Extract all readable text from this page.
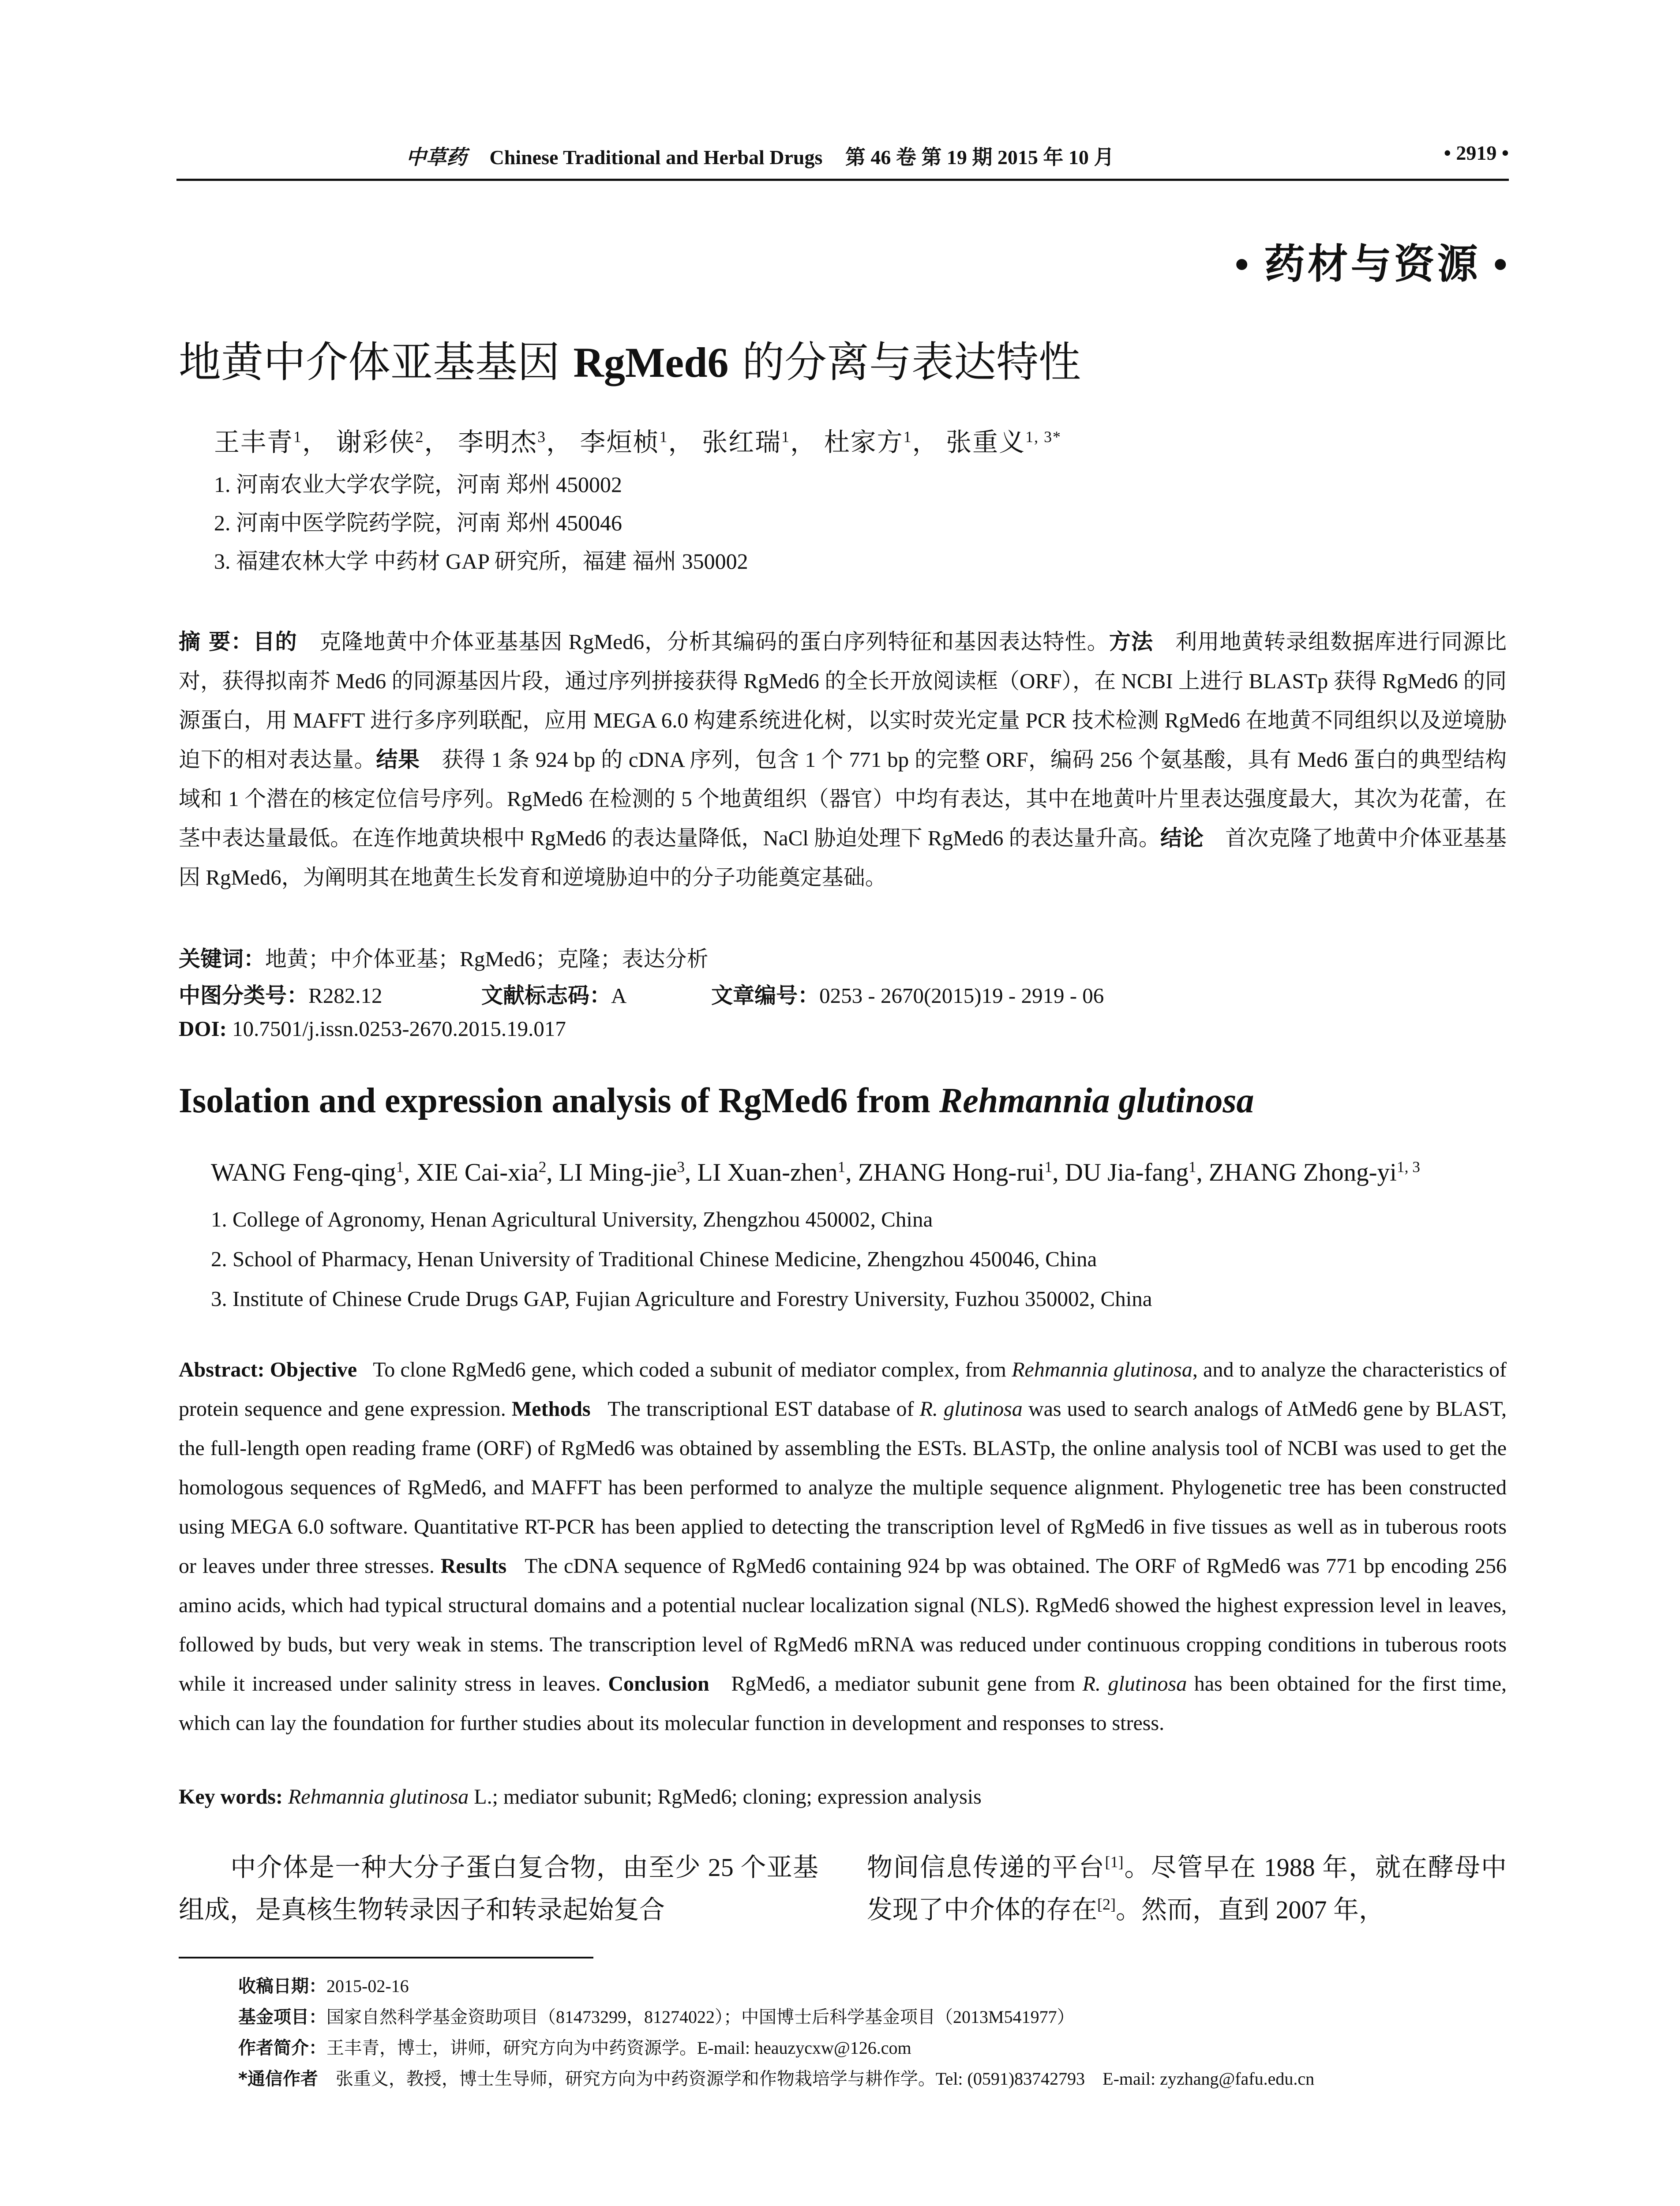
中草药 Chinese Traditional and Herbal Drugs 第 46 卷 第 19 期 2015 年 10 月	• 2919 •
• 药材与资源 •
地黄中介体亚基基因 RgMed6 的分离与表达特性
王丰青$^1$， 谢彩侠$^2$， 李明杰$^3$， 李烜桢$^1$， 张红瑞$^1$， 杜家方$^1$， 张重义$^{1, 3*}$
1. 河南农业大学农学院，河南 郑州 450002
2. 河南中医学院药学院，河南 郑州 450046
3. 福建农林大学 中药材 GAP 研究所，福建 福州 350002
摘 要：目的　 克隆地黄中介体亚基基因 RgMed6，分析其编码的蛋白序列特征和基因表达特性。方法　 利用地黄转录组数据库进行同源比对，获得拟南芥 Med6 的同源基因片段，通过序列拼接获得 RgMed6 的全长开放阅读框（ORF），在 NCBI 上进行 BLASTp 获得 RgMed6 的同源蛋白，用 MAFFT 进行多序列联配，应用 MEGA 6.0 构建系统进化树，以实时荧光定量 PCR 技术检测 RgMed6 在地黄不同组织以及逆境胁迫下的相对表达量。结果　 获得 1 条 924 bp 的 cDNA 序列，包含 1 个 771 bp 的完整 ORF，编码 256 个氨基酸，具有 Med6 蛋白的典型结构域和 1 个潜在的核定位信号序列。RgMed6 在检测的 5 个地黄组织（器官）中均有表达，其中在地黄叶片里表达强度最大，其次为花蕾，在茎中表达量最低。在连作地黄块根中 RgMed6 的表达量降低，NaCl 胁迫处理下 RgMed6 的表达量升高。结论　 首次克隆了地黄中介体亚基基因 RgMed6，为阐明其在地黄生长发育和逆境胁迫中的分子功能奠定基础。
关键词：地黄；中介体亚基；RgMed6；克隆；表达分析
中图分类号：R282.12	文献标志码：A	文章编号：0253 - 2670(2015)19 - 2919 - 06
DOI: 10.7501/j.issn.0253-2670.2015.19.017
Isolation and expression analysis of RgMed6 from Rehmannia glutinosa
WANG Feng-qing$^1$, XIE Cai-xia$^2$, LI Ming-jie$^3$, LI Xuan-zhen$^1$, ZHANG Hong-rui$^1$, DU Jia-fang$^1$, ZHANG Zhong-yi$^{1, 3}$
1. College of Agronomy, Henan Agricultural University, Zhengzhou 450002, China
2. School of Pharmacy, Henan University of Traditional Chinese Medicine, Zhengzhou 450046, China
3. Institute of Chinese Crude Drugs GAP, Fujian Agriculture and Forestry University, Fuzhou 350002, China
Abstract: Objective To clone RgMed6 gene, which coded a subunit of mediator complex, from Rehmannia glutinosa, and to analyze the characteristics of protein sequence and gene expression. Methods The transcriptional EST database of R. glutinosa was used to search analogs of AtMed6 gene by BLAST, the full-length open reading frame (ORF) of RgMed6 was obtained by assembling the ESTs. BLASTp, the online analysis tool of NCBI was used to get the homologous sequences of RgMed6, and MAFFT has been performed to analyze the multiple sequence alignment. Phylogenetic tree has been constructed using MEGA 6.0 software. Quantitative RT-PCR has been applied to detecting the transcription level of RgMed6 in five tissues as well as in tuberous roots or leaves under three stresses. Results The cDNA sequence of RgMed6 containing 924 bp was obtained. The ORF of RgMed6 was 771 bp encoding 256 amino acids, which had typical structural domains and a potential nuclear localization signal (NLS). RgMed6 showed the highest expression level in leaves, followed by buds, but very weak in stems. The transcription level of RgMed6 mRNA was reduced under continuous cropping conditions in tuberous roots while it increased under salinity stress in leaves. Conclusion RgMed6, a mediator subunit gene from R. glutinosa has been obtained for the first time, which can lay the foundation for further studies about its molecular function in development and responses to stress.
Key words: Rehmannia glutinosa L.; mediator subunit; RgMed6; cloning; expression analysis
中介体是一种大分子蛋白复合物，由至少 25 个亚基组成，是真核生物转录因子和转录起始复合
物间信息传递的平台[1]。尽管早在 1988 年，就在酵母中发现了中介体的存在[2]。然而，直到 2007 年，
收稿日期：2015-02-16
基金项目：国家自然科学基金资助项目（81473299，81274022）；中国博士后科学基金项目（2013M541977）
作者简介：王丰青，博士，讲师，研究方向为中药资源学。E-mail: heauzycxw@126.com
*通信作者　 张重义，教授，博士生导师，研究方向为中药资源学和作物栽培学与耕作学。Tel: (0591)83742793　E-mail: zyzhang@fafu.edu.cn
